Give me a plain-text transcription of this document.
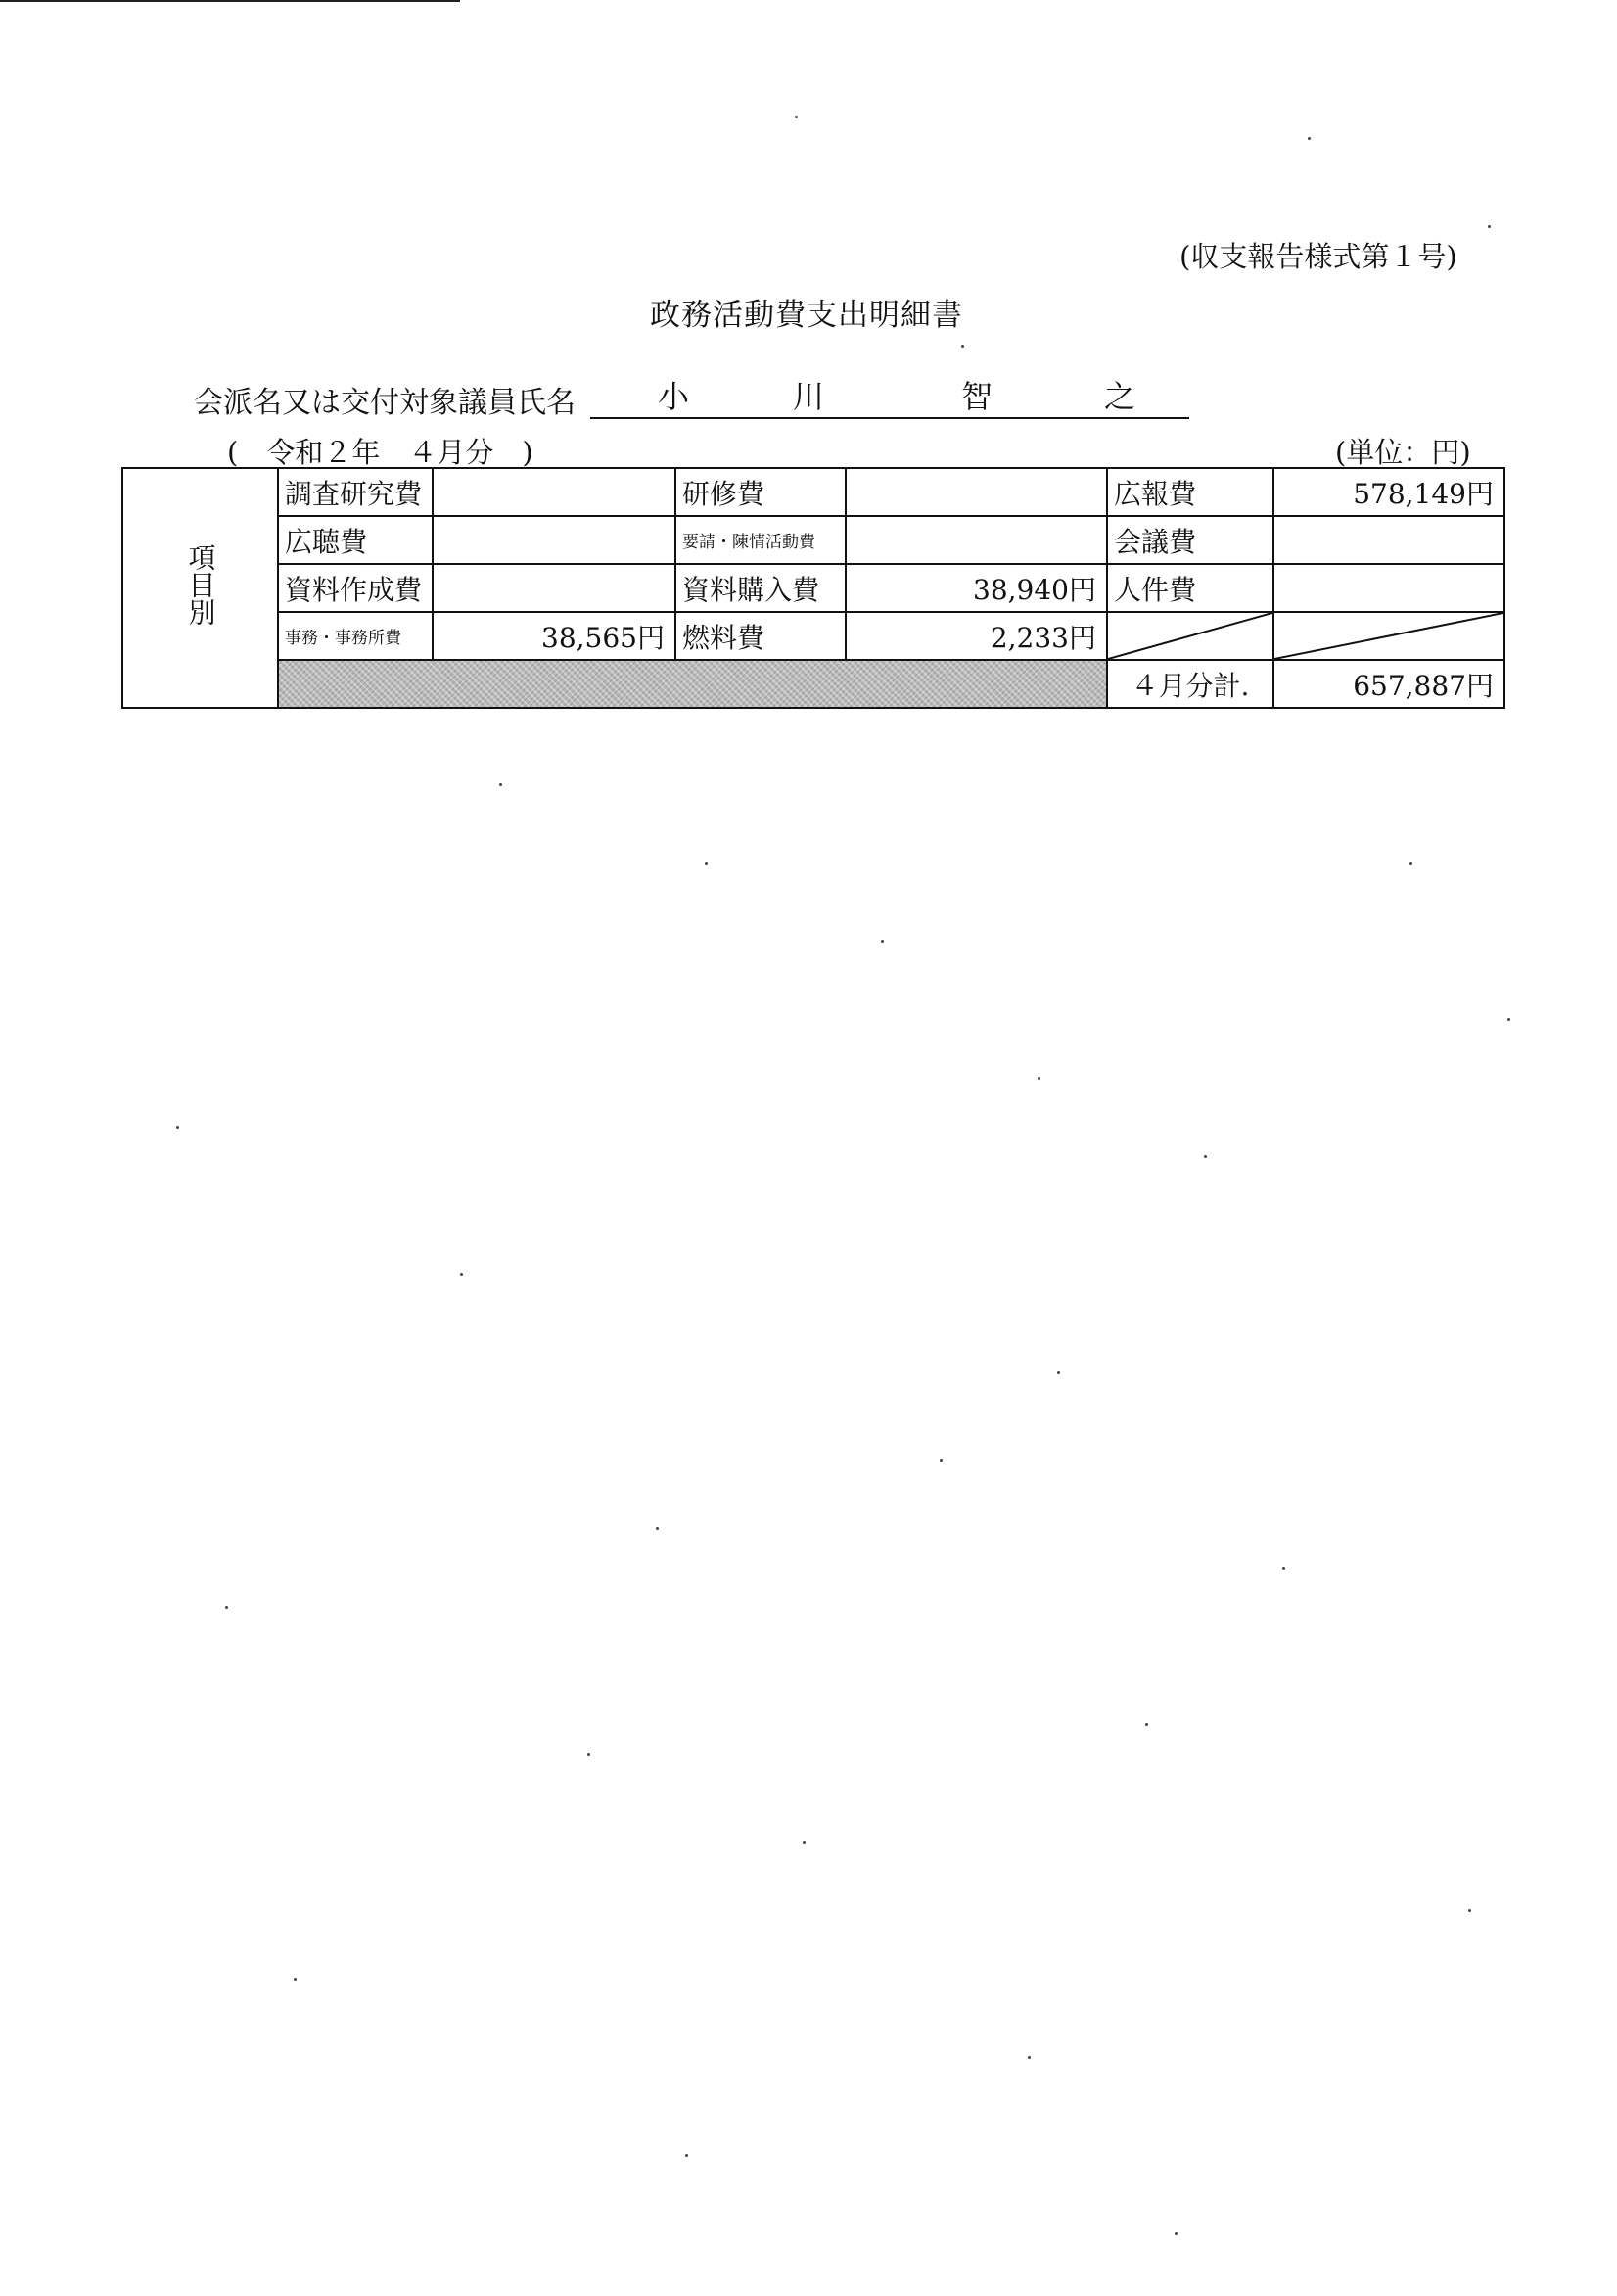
(収支報告様式第１号)
政務活動費支出明細書
会派名又は交付対象議員氏名	小	川	智	之
(　令和２年　４月分　)	(単位：円)
項目別	調査研究費		研修費		広報費	578,149円
	広聴費		要請・陳情活動費		会議費	
	資料作成費		資料購入費	38,940円	人件費	
	事務・事務所費	38,565円	燃料費	2,233円	

					４月分計.	657,887円
